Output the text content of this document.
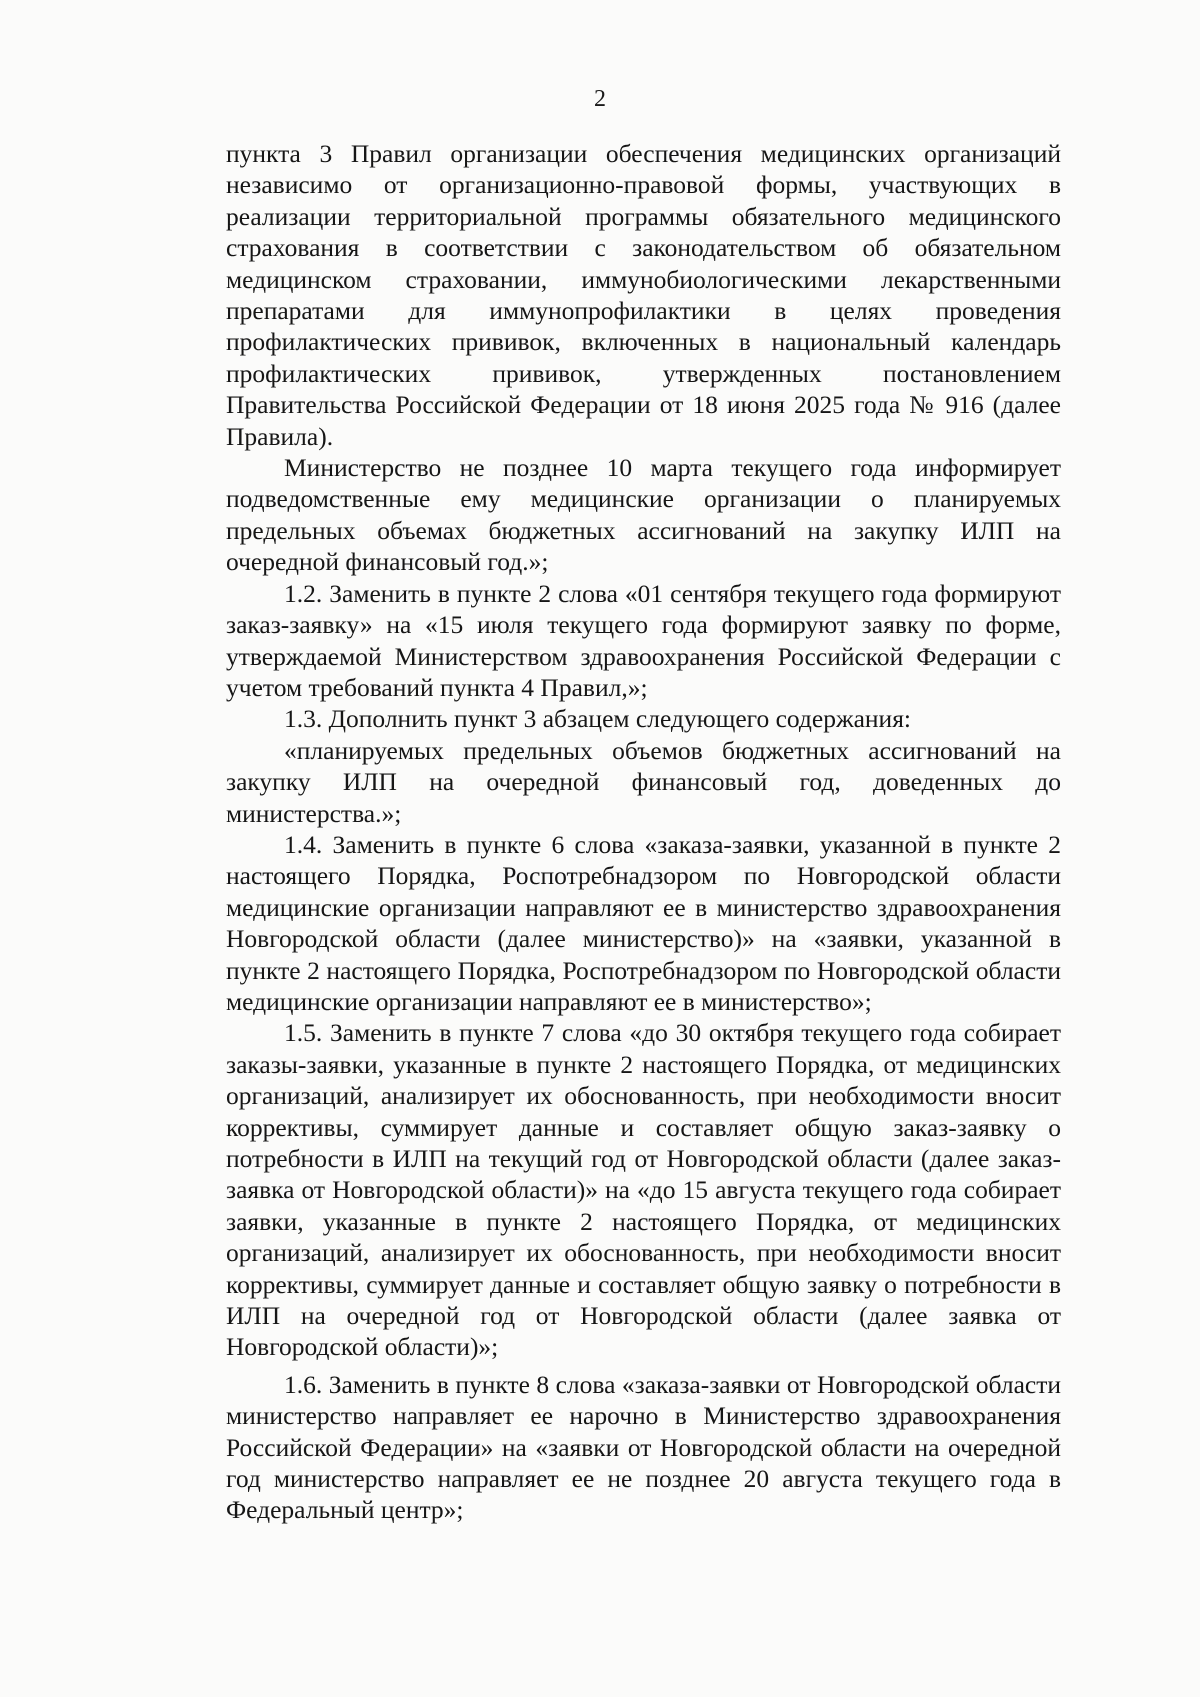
2

пункта 3 Правил организации обеспечения медицинских организаций независимо от организационно-правовой формы, участвующих в реализации территориальной программы обязательного медицинского страхования в соответствии с законодательством об обязательном медицинском страховании, иммунобиологическими лекарственными препаратами для иммунопрофилактики в целях проведения профилактических прививок, включенных в национальный календарь профилактических прививок, утвержденных постановлением Правительства Российской Федерации от 18 июня 2025 года № 916 (далее Правила).

Министерство не позднее 10 марта текущего года информирует подведомственные ему медицинские организации о планируемых предельных объемах бюджетных ассигнований на закупку ИЛП на очередной финансовый год.»;

1.2. Заменить в пункте 2 слова «01 сентября текущего года формируют заказ-заявку» на «15 июля текущего года формируют заявку по форме, утверждаемой Министерством здравоохранения Российской Федерации с учетом требований пункта 4 Правил,»;

1.3. Дополнить пункт 3 абзацем следующего содержания:

«планируемых предельных объемов бюджетных ассигнований на закупку ИЛП на очередной финансовый год, доведенных до министерства.»;

1.4. Заменить в пункте 6 слова «заказа-заявки, указанной в пункте 2 настоящего Порядка, Роспотребнадзором по Новгородской области медицинские организации направляют ее в министерство здравоохранения Новгородской области (далее министерство)» на «заявки, указанной в пункте 2 настоящего Порядка, Роспотребнадзором по Новгородской области медицинские организации направляют ее в министерство»;

1.5. Заменить в пункте 7 слова «до 30 октября текущего года собирает заказы-заявки, указанные в пункте 2 настоящего Порядка, от медицинских организаций, анализирует их обоснованность, при необходимости вносит коррективы, суммирует данные и составляет общую заказ-заявку о потребности в ИЛП на текущий год от Новгородской области (далее заказ-заявка от Новгородской области)» на «до 15 августа текущего года собирает заявки, указанные в пункте 2 настоящего Порядка, от медицинских организаций, анализирует их обоснованность, при необходимости вносит коррективы, суммирует данные и составляет общую заявку о потребности в ИЛП на очередной год от Новгородской области (далее заявка от Новгородской области)»;

1.6. Заменить в пункте 8 слова «заказа-заявки от Новгородской области министерство направляет ее нарочно в Министерство здравоохранения Российской Федерации» на «заявки от Новгородской области на очередной год министерство направляет ее не позднее 20 августа текущего года в Федеральный центр»;
